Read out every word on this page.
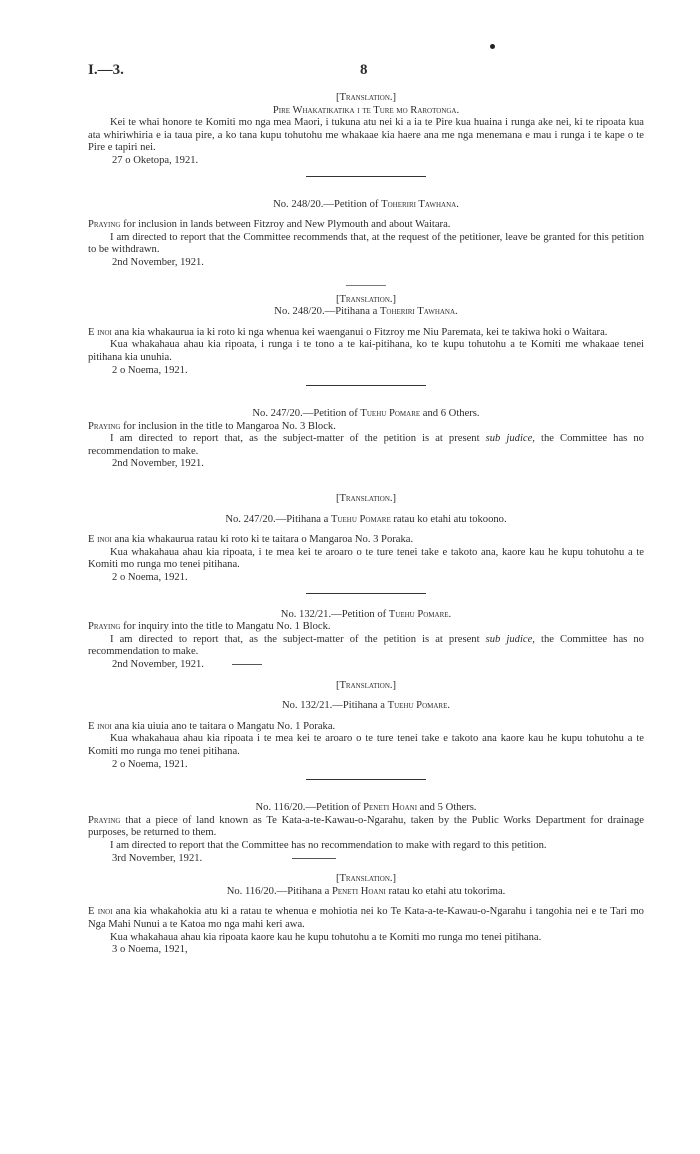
I.—3.	8
[Translation.]
Pire Whakatikatika i te Ture mo Rarotonga.

Kei te whai honore te Komiti mo nga mea Maori, i tukuna atu nei ki a ia te Pire kua huaina i runga ake nei, ki te ripoata kua ata whiriwhiria e ia taua pire, a ko tana kupu tohutohu me whakaae kia haere ana me nga menemana e mau i runga i te kape o te Pire e tapiri nei.

27 o Oketopa, 1921.

No. 248/20.—Petition of Toheriri Tawhana.

Praying for inclusion in lands between Fitzroy and New Plymouth and about Waitara.

I am directed to report that the Committee recommends that, at the request of the petitioner, leave be granted for this petition to be withdrawn.

2nd November, 1921.

[Translation.]
No. 248/20.—Pitihana a Toheriri Tawhana.

E inoi ana kia whakaurua ia ki roto ki nga whenua kei waenganui o Fitzroy me Niu Paremata, kei te takiwa hoki o Waitara.

Kua whakahaua ahau kia ripoata, i runga i te tono a te kai-pitihana, ko te kupu tohutohu a te Komiti me whakaae tenei pitihana kia unuhia.

2 o Noema, 1921.

No. 247/20.—Petition of Tuehu Pomare and 6 Others.

Praying for inclusion in the title to Mangaroa No. 3 Block.

I am directed to report that, as the subject-matter of the petition is at present sub judice, the Committee has no recommendation to make.

2nd November, 1921.

[Translation.]
No. 247/20.—Pitihana a Tuehu Pomare ratau ko etahi atu tokoono.

E inoi ana kia whakaurua ratau ki roto ki te taitara o Mangaroa No. 3 Poraka.

Kua whakahaua ahau kia ripoata, i te mea kei te aroaro o te ture tenei take e takoto ana, kaore kau he kupu tohutohu a te Komiti mo runga mo tenei pitihana.

2 o Noema, 1921.

No. 132/21.—Petition of Tuehu Pomare.

Praying for inquiry into the title to Mangatu No. 1 Block.

I am directed to report that, as the subject-matter of the petition is at present sub judice, the Committee has no recommendation to make.

2nd November, 1921.

[Translation.]
No. 132/21.—Pitihana a Tuehu Pomare.

E inoi ana kia uiuia ano te taitara o Mangatu No. 1 Poraka.

Kua whakahaua ahau kia ripoata i te mea kei te aroaro o te ture tenei take e takoto ana kaore kau he kupu tohutohu a te Komiti mo runga mo tenei pitihana.

2 o Noema, 1921.

No. 116/20.—Petition of Peneti Hoani and 5 Others.

Praying that a piece of land known as Te Kata-a-te-Kawau-o-Ngarahu, taken by the Public Works Department for drainage purposes, be returned to them.

I am directed to report that the Committee has no recommendation to make with regard to this petition.

3rd November, 1921.

[Translation.]
No. 116/20.—Pitihana a Peneti Hoani ratau ko etahi atu tokorima.

E inoi ana kia whakahokia atu ki a ratau te whenua e mohiotia nei ko Te Kata-a-te-Kawau-o-Ngarahu i tangohia nei e te Tari mo Nga Mahi Nunui a te Katoa mo nga mahi keri awa.

Kua whakahaua ahau kia ripoata kaore kau he kupu tohutohu a te Komiti mo runga mo tenei pitihana.

3 o Noema, 1921,
